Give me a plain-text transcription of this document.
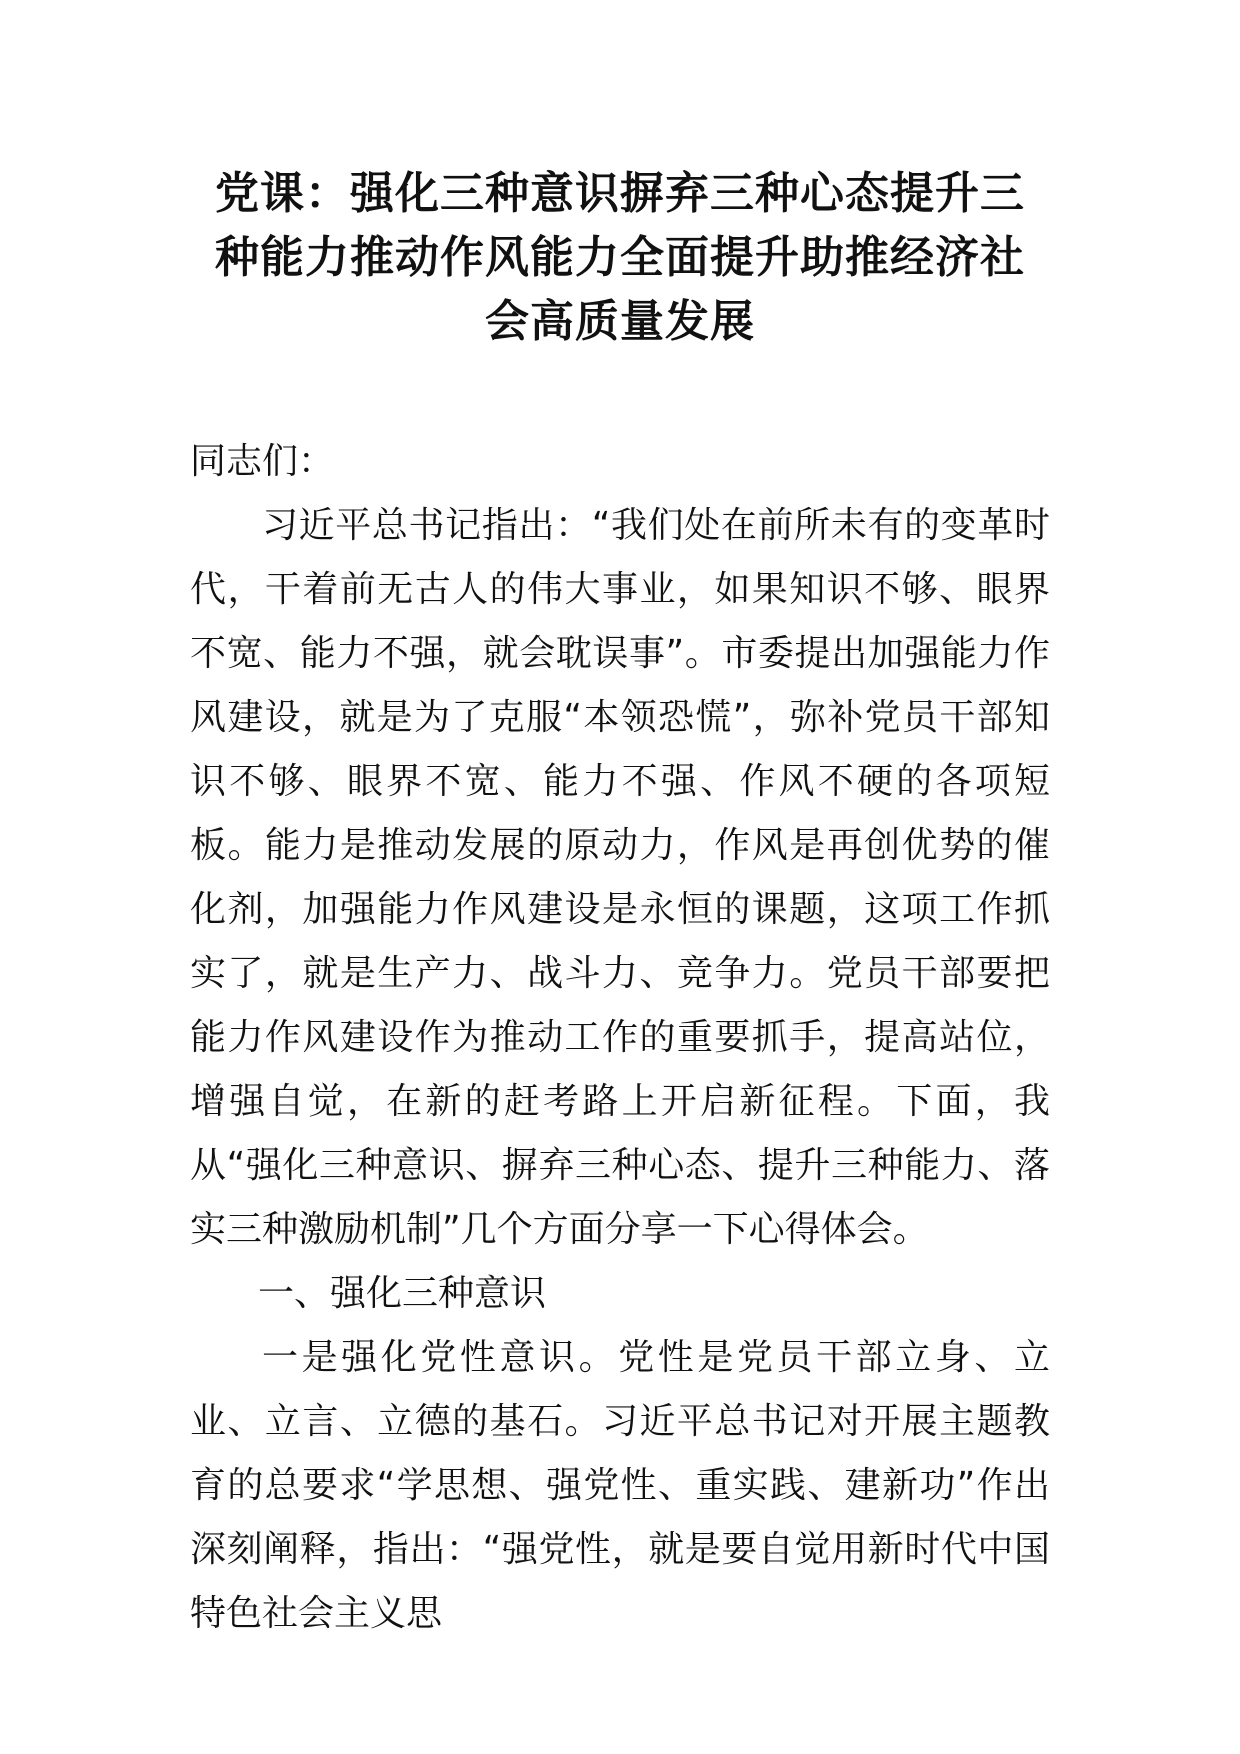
党课：强化三种意识摒弃三种心态提升三
种能力推动作风能力全面提升助推经济社
会高质量发展

同志们：

习近平总书记指出：“我们处在前所未有的变革时代，干着前无古人的伟大事业，如果知识不够、眼界不宽、能力不强，就会耽误事”。市委提出加强能力作风建设，就是为了克服“本领恐慌”，弥补党员干部知识不够、眼界不宽、能力不强、作风不硬的各项短板。能力是推动发展的原动力，作风是再创优势的催化剂，加强能力作风建设是永恒的课题，这项工作抓实了，就是生产力、战斗力、竞争力。党员干部要把能力作风建设作为推动工作的重要抓手，提高站位，增强自觉，在新的赶考路上开启新征程。下面，我从“强化三种意识、摒弃三种心态、提升三种能力、落实三种激励机制”几个方面分享一下心得体会。

一、强化三种意识

一是强化党性意识。党性是党员干部立身、立业、立言、立德的基石。习近平总书记对开展主题教育的总要求“学思想、强党性、重实践、建新功”作出深刻阐释，指出：“强党性，就是要自觉用新时代中国特色社会主义思
